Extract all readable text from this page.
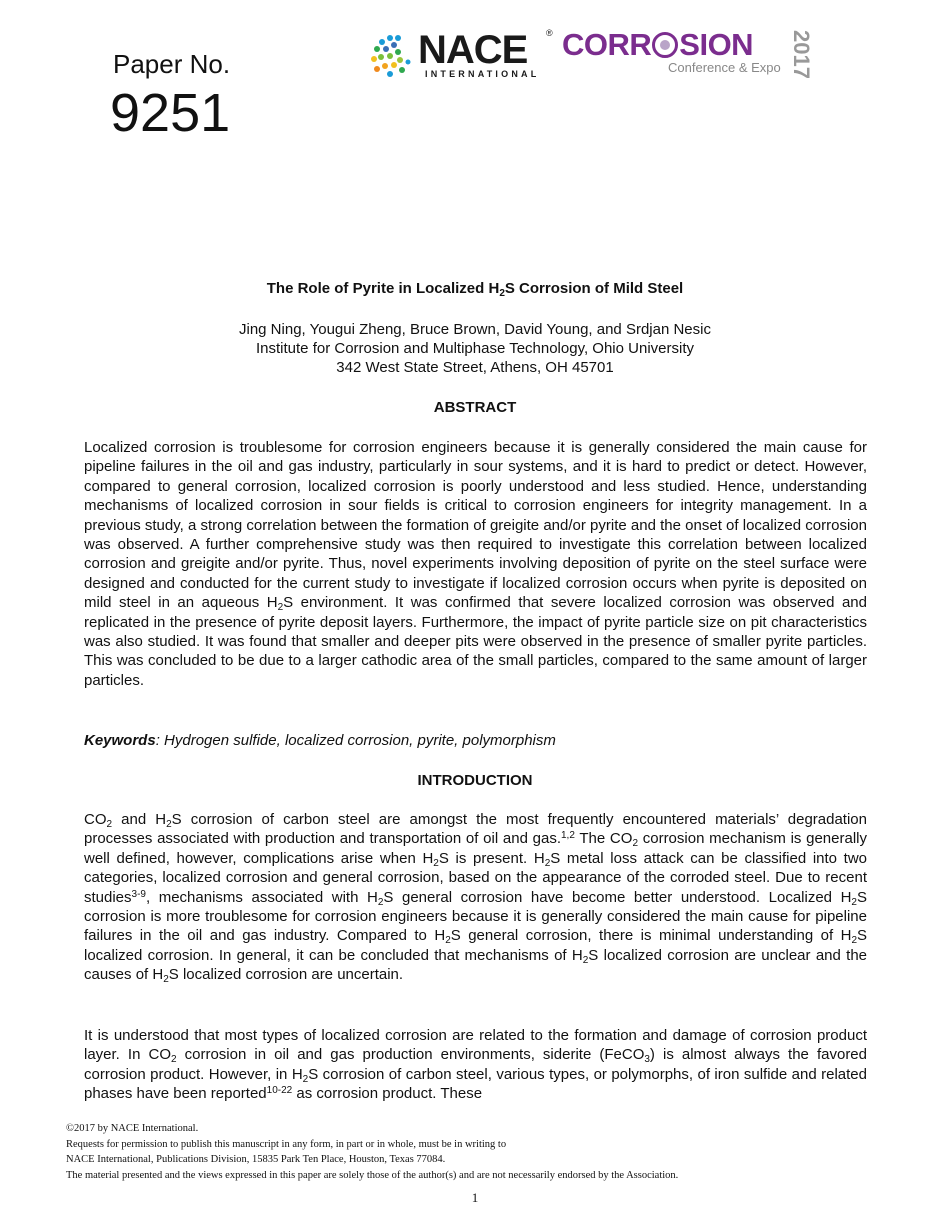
Paper No.
9251
NACE ®
INTERNATIONAL
CORR SION
Conference & Expo 2017
The Role of Pyrite in Localized $H_2S$ Corrosion of Mild Steel
Jing Ning, Yougui Zheng, Bruce Brown, David Young, and Srdjan Nesic
Institute for Corrosion and Multiphase Technology, Ohio University
342 West State Street, Athens, OH 45701
ABSTRACT

Localized corrosion is troublesome for corrosion engineers because it is generally considered the main cause for pipeline failures in the oil and gas industry, particularly in sour systems, and it is hard to predict or detect. However, compared to general corrosion, localized corrosion is poorly understood and less studied. Hence, understanding mechanisms of localized corrosion in sour fields is critical to corrosion engineers for integrity management. In a previous study, a strong correlation between the formation of greigite and/or pyrite and the onset of localized corrosion was observed. A further comprehensive study was then required to investigate this correlation between localized corrosion and greigite and/or pyrite. Thus, novel experiments involving deposition of pyrite on the steel surface were designed and conducted for the current study to investigate if localized corrosion occurs when pyrite is deposited on mild steel in an aqueous $H_2S$ environment. It was confirmed that severe localized corrosion was observed and replicated in the presence of pyrite deposit layers. Furthermore, the impact of pyrite particle size on pit characteristics was also studied. It was found that smaller and deeper pits were observed in the presence of smaller pyrite particles. This was concluded to be due to a larger cathodic area of the small particles, compared to the same amount of larger particles.

Keywords: Hydrogen sulfide, localized corrosion, pyrite, polymorphism
INTRODUCTION

$CO_2$ and $H_2S$ corrosion of carbon steel are amongst the most frequently encountered materials’ degradation processes associated with production and transportation of oil and gas.$^{1,2}$ The $CO_2$ corrosion mechanism is generally well defined, however, complications arise when $H_2S$ is present. $H_2S$ metal loss attack can be classified into two categories, localized corrosion and general corrosion, based on the appearance of the corroded steel. Due to recent studies$^{3-9}$, mechanisms associated with $H_2S$ general corrosion have become better understood. Localized $H_2S$ corrosion is more troublesome for corrosion engineers because it is generally considered the main cause for pipeline failures in the oil and gas industry. Compared to $H_2S$ general corrosion, there is minimal understanding of $H_2S$ localized corrosion. In general, it can be concluded that mechanisms of $H_2S$ localized corrosion are unclear and the causes of $H_2S$ localized corrosion are uncertain.

It is understood that most types of localized corrosion are related to the formation and damage of corrosion product layer. In $CO_2$ corrosion in oil and gas production environments, siderite (FeCO$_3$) is almost always the favored corrosion product. However, in $H_2S$ corrosion of carbon steel, various types, or polymorphs, of iron sulfide and related phases have been reported$^{10-22}$ as corrosion product. These

©2017 by NACE International.
Requests for permission to publish this manuscript in any form, in part or in whole, must be in writing to
NACE International, Publications Division, 15835 Park Ten Place, Houston, Texas 77084.
The material presented and the views expressed in this paper are solely those of the author(s) and are not necessarily endorsed by the Association.
1
